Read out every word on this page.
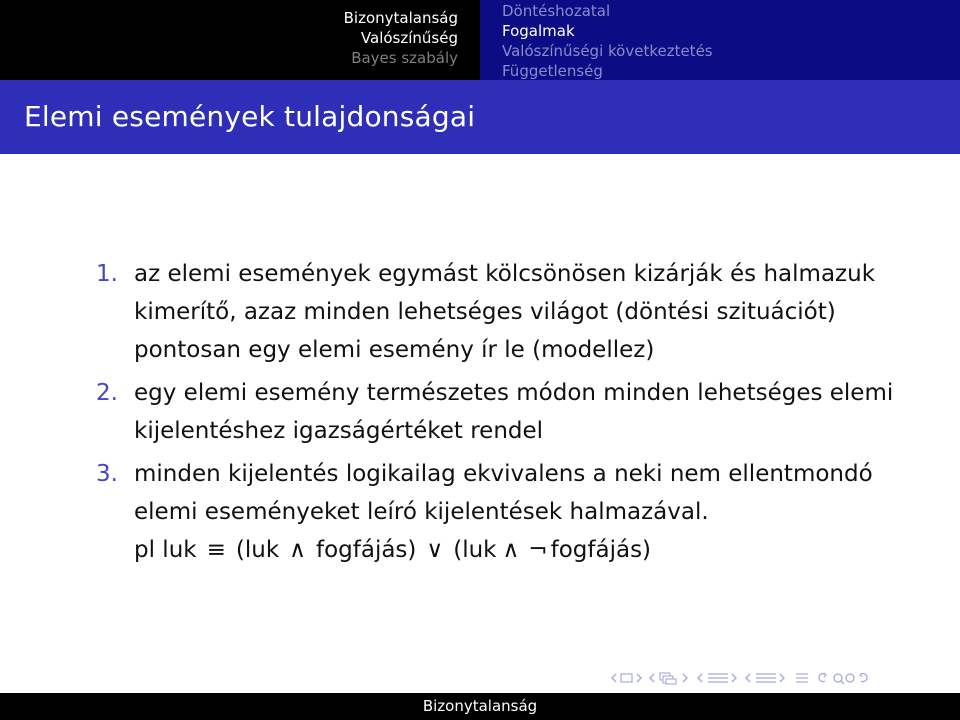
Bizonytalanság
Valószínűség
Bayes szabály
Döntéshozatal
Fogalmak
Valószínűségi következtetés
Függetlenség
Elemi események tulajdonságai
1. az elemi események egymást kölcsönösen kizárják és halmazuk kimerítő, azaz minden lehetséges világot (döntési szituációt) pontosan egy elemi esemény ír le (modellez)
2. egy elemi esemény természetes módon minden lehetséges elemi kijelentéshez igazságértéket rendel
3. minden kijelentés logikailag ekvivalens a neki nem ellentmondó elemi eseményeket leíró kijelentések halmazával.
pl luk ≡ (luk ∧ fogfájás) ∨ (luk ∧ ¬ fogfájás)
Bizonytalanság
